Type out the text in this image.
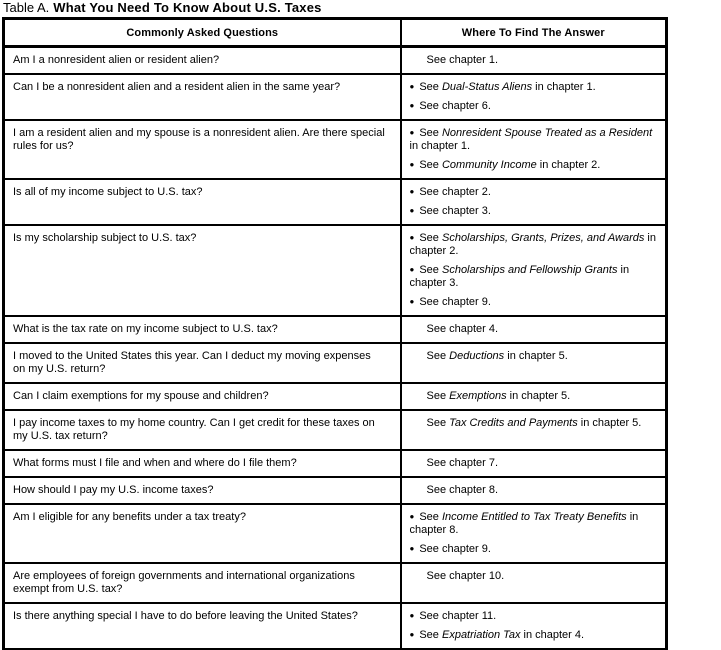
Table A. What You Need To Know About U.S. Taxes
Commonly Asked Questions	Where To Find The Answer
Am I a nonresident alien or resident alien?	See chapter 1.

Can I be a nonresident alien and a resident alien in the same year?	● See Dual-Status Aliens in chapter 1.
● See chapter 6.

I am a resident alien and my spouse is a nonresident alien. Are there special rules for us?	● See Nonresident Spouse Treated as a Resident in chapter 1.
● See Community Income in chapter 2.

Is all of my income subject to U.S. tax?	● See chapter 2.
● See chapter 3.

Is my scholarship subject to U.S. tax?	● See Scholarships, Grants, Prizes, and Awards in chapter 2.
● See Scholarships and Fellowship Grants in chapter 3.
● See chapter 9.

What is the tax rate on my income subject to U.S. tax?	See chapter 4.

I moved to the United States this year. Can I deduct my moving expenses on my U.S. return?	See Deductions in chapter 5.

Can I claim exemptions for my spouse and children?	See Exemptions in chapter 5.

I pay income taxes to my home country. Can I get credit for these taxes on my U.S. tax return?	See Tax Credits and Payments in chapter 5.

What forms must I file and when and where do I file them?	See chapter 7.

How should I pay my U.S. income taxes?	See chapter 8.

Am I eligible for any benefits under a tax treaty?	● See Income Entitled to Tax Treaty Benefits in chapter 8.
● See chapter 9.

Are employees of foreign governments and international organizations exempt from U.S. tax?	See chapter 10.

Is there anything special I have to do before leaving the United States?	● See chapter 11.
● See Expatriation Tax in chapter 4.
